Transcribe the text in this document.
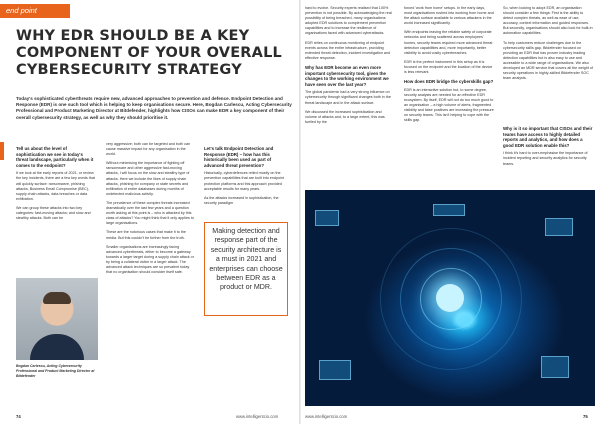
end point security
WHY EDR SHOULD BE A KEY COMPONENT OF YOUR OVERALL CYBERSECURITY STRATEGY
Today's sophisticated cyberthreats require new, advanced approaches to prevention and defence. Endpoint Detection and Response (EDR) is one such tool which is helping to keep organisations secure. Here, Bogdan Carlescu, Acting Cybersecurity Professional and Product Marketing Director at Bitdefender, highlights how CISOs can make EDR a key component of their overall cybersecurity strategy, as well as why they should prioritise it.
Tell us about the level of sophistication we see in today's threat landscape, particularly when it comes to the endpoint?

If we look at the early reports of 2021, or review the key incidents, there are a few key words that will quickly surface: ransomware, phishing attacks, Business Email Compromise (BEC), supply chain attacks, data breaches or data exfiltration.

We can group these attacks into two key categories: fast-moving attacks; and slow and stealthy attacks. Both can be

Bogdan Carlescu, Acting Cybersecurity Professional and Product Marketing Director at Bitdefender

very aggressive; both can be targeted and both can cause massive impact for any organisation in the world.

Without minimising the importance of fighting off ransomware and other aggressive fast-moving attacks, I will focus on the slow and stealthy type of attacks. Here we include the likes of supply chain attacks, phishing for company or state secrets and exfiltration of entire databases during months of undetected malicious activity.

The prevalence of these complex threats increased dramatically over the last few years and a question worth asking at this point is – who is attacked by this class of attacks? You might think that it only applies to large organisations.

These are the notorious cases that make it to the media. But this couldn't be further from the truth.

Smaller organisations are increasingly facing advanced cyberthreats, either to become a gateway towards a larger target during a supply chain attack or by being a collateral victim in a larger attack. The advanced attack techniques are so prevalent today that no organisation should consider itself safe.

Let's talk Endpoint Detection and Response (EDR) – how has this historically been used as part of advanced threat prevention?

Historically, cyberdefences relied mostly on the prevention capabilities that are built into endpoint protection platforms and this approach provided acceptable results for many years.

As the attacks increased in sophistication, the security paradigm

Making detection and response part of the security architecture is a must in 2021 and enterprises can choose between EDR as a product or MDR.
74	www.intelligentcio.com

hard to evolve. Security experts realised that 100% prevention is not possible. By acknowledging the real possibility of being breached, many organisations adopted EDR solutions to complement prevention capabilities and to increase the resilience of organisations faced with advanced cyberattacks.

EDR relies on continuous monitoring of endpoint events across the entire infrastructure, providing extended threat detection, incident investigation and effective response.

Why has EDR become an even more important cybersecurity tool, given the changes to the working environment we have seen over the last year?

The global pandemic had a very strong influence on cybersecurity through significant changes both in the threat landscape and in the attack surface.

We discussed the increased sophistication and volume of attacks and, to a large extent, this was fuelled by the

forced 'work from home' setups. In the early days, most organisations rushed into working from home and the attack surface available to various attackers in the world increased significantly.

With endpoints leaving the reliable safety of corporate networks and being scattered across employees' homes, security teams required more advanced threat detection capabilities and, more importantly, better visibility to avoid costly cyberbreaches.

EDR is the perfect instrument in this setup as it is focused on the endpoint and the location of the device is less relevant.

How does EDR bridge the cyberskills gap?

EDR is an interactive solution but, to some degree, security analysts are needed for an effective EDR ecosystem. By itself, EDR will not do too much good to an organisation – a high volume of alerts, fragmented visibility and false positives are increasing the pressure on security teams. This isn't helping to cope with the skills gap.

So, when looking to adopt EDR, an organisation should consider a few things: First is the ability to detect complex threats, as well as ease of use, accuracy, context information and guided responses. But secondly, organisations should also look for built-in automation capabilities.

To help customers reduce challenges due to the cybersecurity skills gap, Bitdefender focused on providing an EDR that has proven industry leading detection capabilities but is also easy to use and accessible to a wide range of organisations. We also developed an MDR service that covers all the weight of security operations in highly-skilled Bitdefender SOC team analysts.

Why is it so important that CISOs and their teams have access to highly detailed reports and analytics, and how does a good EDR solution enable this?

I think it's hard to over-emphasise the importance of incident reporting and security analytics for security teams.

www.intelligentcio.com	75
